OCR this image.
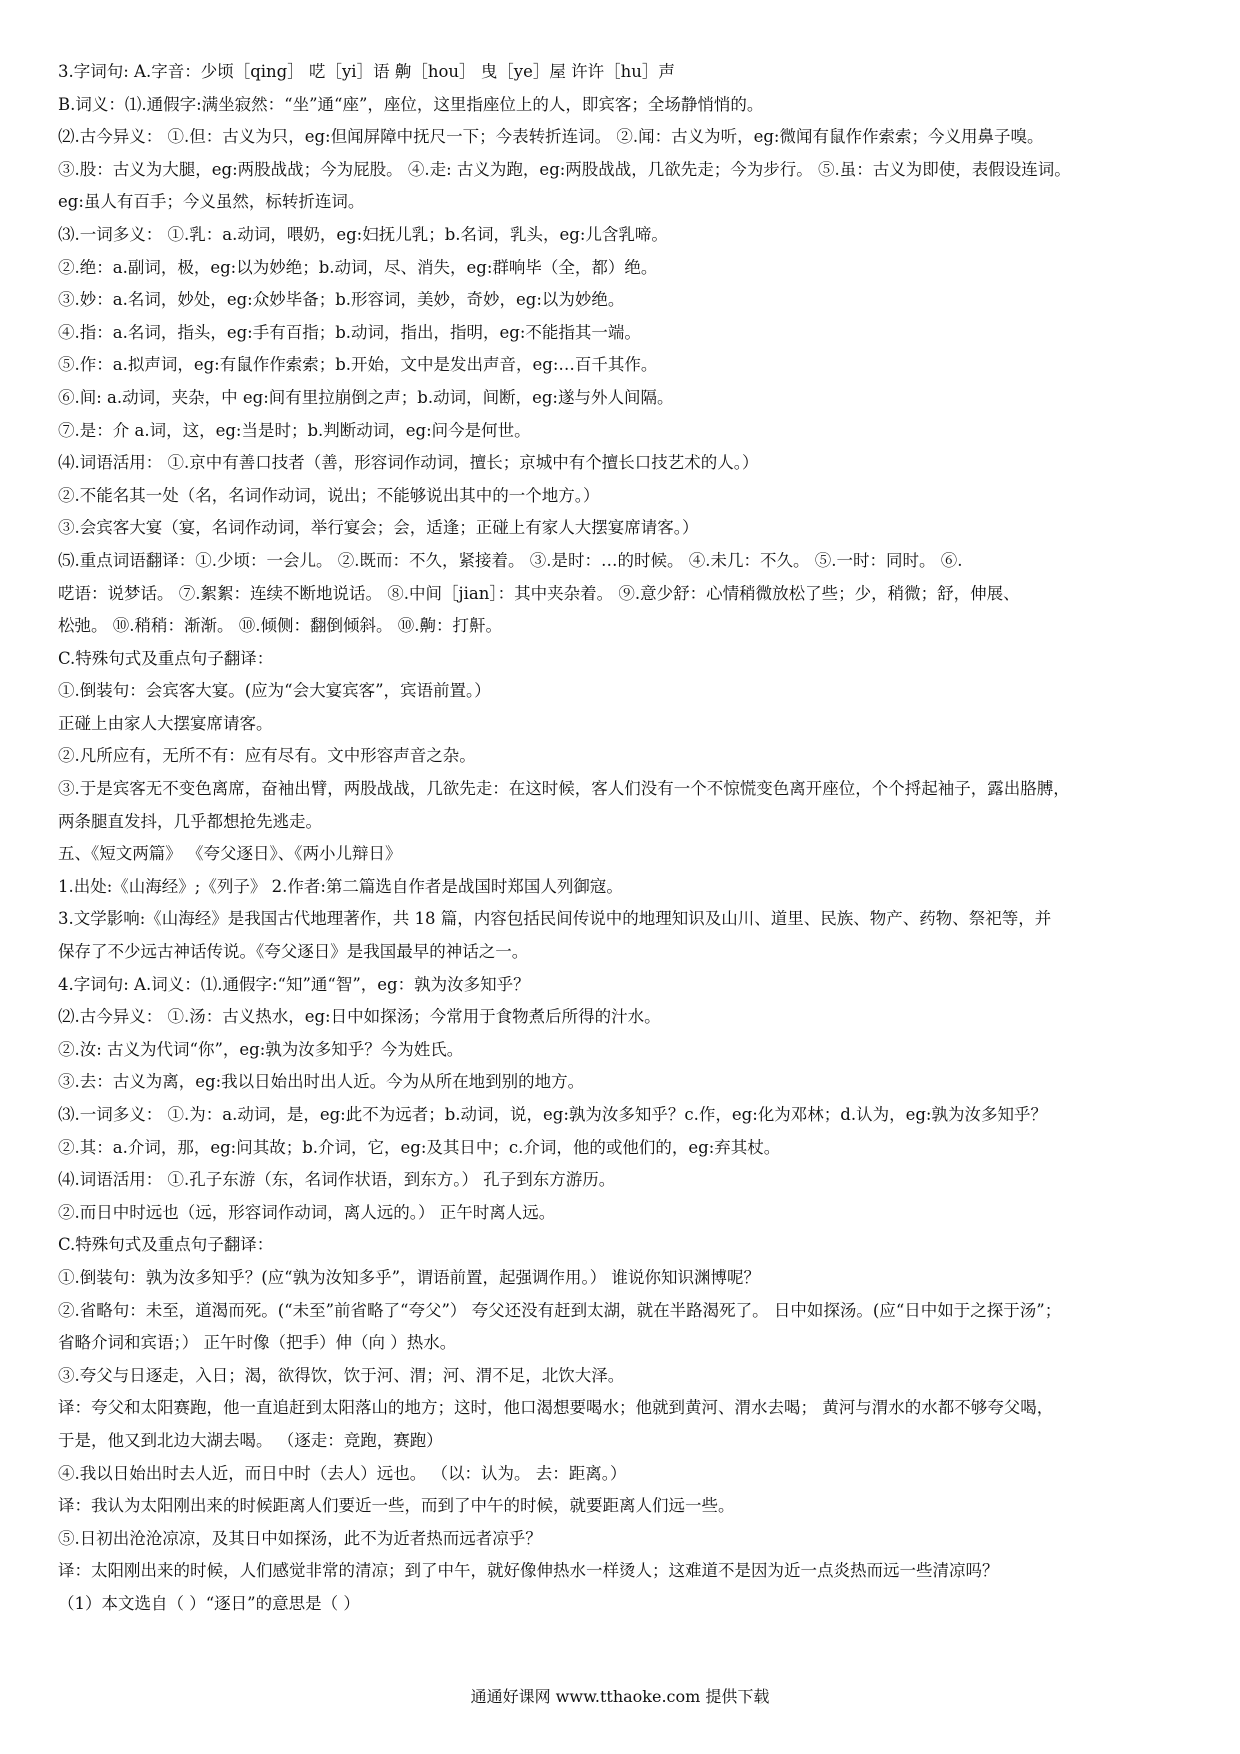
3.字词句: A.字音：少顷［qing］ 呓［yi］语 齁［hou］ 曳［ye］屋 许许［hu］声
B.词义：⑴.通假字:满坐寂然：“坐”通“座”，座位，这里指座位上的人，即宾客；全场静悄悄的。
⑵.古今异义： ①.但：古义为只，eg:但闻屏障中抚尺一下；今表转折连词。 ②.闻：古义为听，eg:微闻有鼠作作索索；今义用鼻子嗅。
③.股：古义为大腿，eg:两股战战；今为屁股。 ④.走: 古义为跑，eg:两股战战，几欲先走；今为步行。 ⑤.虽：古义为即使，表假设连词。
eg:虽人有百手；今义虽然，标转折连词。
⑶.一词多义： ①.乳：a.动词，喂奶，eg:妇抚儿乳；b.名词，乳头，eg:儿含乳啼。
②.绝：a.副词，极，eg:以为妙绝；b.动词，尽、消失，eg:群响毕（全，都）绝。
③.妙：a.名词，妙处，eg:众妙毕备；b.形容词，美妙，奇妙，eg:以为妙绝。
④.指：a.名词，指头，eg:手有百指；b.动词，指出，指明，eg:不能指其一端。
⑤.作：a.拟声词，eg:有鼠作作索索；b.开始，文中是发出声音，eg:…百千其作。
⑥.间: a.动词，夹杂，中 eg:间有里拉崩倒之声；b.动词，间断，eg:遂与外人间隔。
⑦.是：介 a.词，这，eg:当是时；b.判断动词，eg:问今是何世。
⑷.词语活用： ①.京中有善口技者（善，形容词作动词，擅长；京城中有个擅长口技艺术的人。）
②.不能名其一处（名，名词作动词，说出；不能够说出其中的一个地方。）
③.会宾客大宴（宴，名词作动词，举行宴会；会，适逢；正碰上有家人大摆宴席请客。）
⑸.重点词语翻译：①.少顷：一会儿。 ②.既而：不久，紧接着。 ③.是时：…的时候。 ④.未几：不久。 ⑤.一时：同时。 ⑥.
呓语：说梦话。 ⑦.絮絮：连续不断地说话。 ⑧.中间［jian］：其中夹杂着。 ⑨.意少舒：心情稍微放松了些；少，稍微；舒，伸展、
松弛。 ⑩.稍稍：渐渐。 ⑩.倾侧：翻倒倾斜。 ⑩.齁：打鼾。
C.特殊句式及重点句子翻译：
①.倒装句：会宾客大宴。(应为“会大宴宾客”，宾语前置。）
正碰上由家人大摆宴席请客。
②.凡所应有，无所不有：应有尽有。文中形容声音之杂。
③.于是宾客无不变色离席，奋袖出臂，两股战战，几欲先走：在这时候，客人们没有一个不惊慌变色离开座位，个个捋起袖子，露出胳膊，
两条腿直发抖，几乎都想抢先逃走。
五、《短文两篇》 《夸父逐日》、《两小儿辩日》
1.出处:《山海经》;《列子》 2.作者:第二篇选自作者是战国时郑国人列御寇。
3.文学影响:《山海经》是我国古代地理著作，共 18 篇，内容包括民间传说中的地理知识及山川、道里、民族、物产、药物、祭祀等，并
保存了不少远古神话传说。《夸父逐日》是我国最早的神话之一。
4.字词句: A.词义：⑴.通假字:“知”通“智”，eg：孰为汝多知乎？
⑵.古今异义： ①.汤：古义热水，eg:日中如探汤；今常用于食物煮后所得的汁水。
②.汝: 古义为代词“你”，eg:孰为汝多知乎？今为姓氏。
③.去：古义为离，eg:我以日始出时出人近。今为从所在地到别的地方。
⑶.一词多义： ①.为：a.动词，是，eg:此不为远者；b.动词，说，eg:孰为汝多知乎？c.作，eg:化为邓林；d.认为，eg:孰为汝多知乎？
②.其：a.介词，那，eg:问其故；b.介词，它，eg:及其日中；c.介词，他的或他们的，eg:弃其杖。
⑷.词语活用： ①.孔子东游（东，名词作状语，到东方。） 孔子到东方游历。
②.而日中时远也（远，形容词作动词，离人远的。） 正午时离人远。
C.特殊句式及重点句子翻译：
①.倒装句：孰为汝多知乎？(应“孰为汝知多乎”，谓语前置，起强调作用。） 谁说你知识渊博呢？
②.省略句：未至，道渴而死。(“未至”前省略了“夸父”） 夸父还没有赶到太湖，就在半路渴死了。 日中如探汤。(应“日中如于之探于汤”；
省略介词和宾语；） 正午时像（把手）伸（向 ）热水。
③.夸父与日逐走，入日；渴，欲得饮，饮于河、渭；河、渭不足，北饮大泽。
译：夸父和太阳赛跑，他一直追赶到太阳落山的地方；这时，他口渴想要喝水；他就到黄河、渭水去喝； 黄河与渭水的水都不够夸父喝，
于是，他又到北边大湖去喝。 （逐走：竞跑，赛跑）
④.我以日始出时去人近，而日中时（去人）远也。 （以：认为。 去：距离。）
译：我认为太阳刚出来的时候距离人们要近一些，而到了中午的时候，就要距离人们远一些。
⑤.日初出沧沧凉凉，及其日中如探汤，此不为近者热而远者凉乎？
译：太阳刚出来的时候，人们感觉非常的清凉；到了中午，就好像伸热水一样烫人；这难道不是因为近一点炎热而远一些清凉吗？
（1）本文选自（ ）“逐日”的意思是（ ）
通通好课网 www.tthaoke.com 提供下载
